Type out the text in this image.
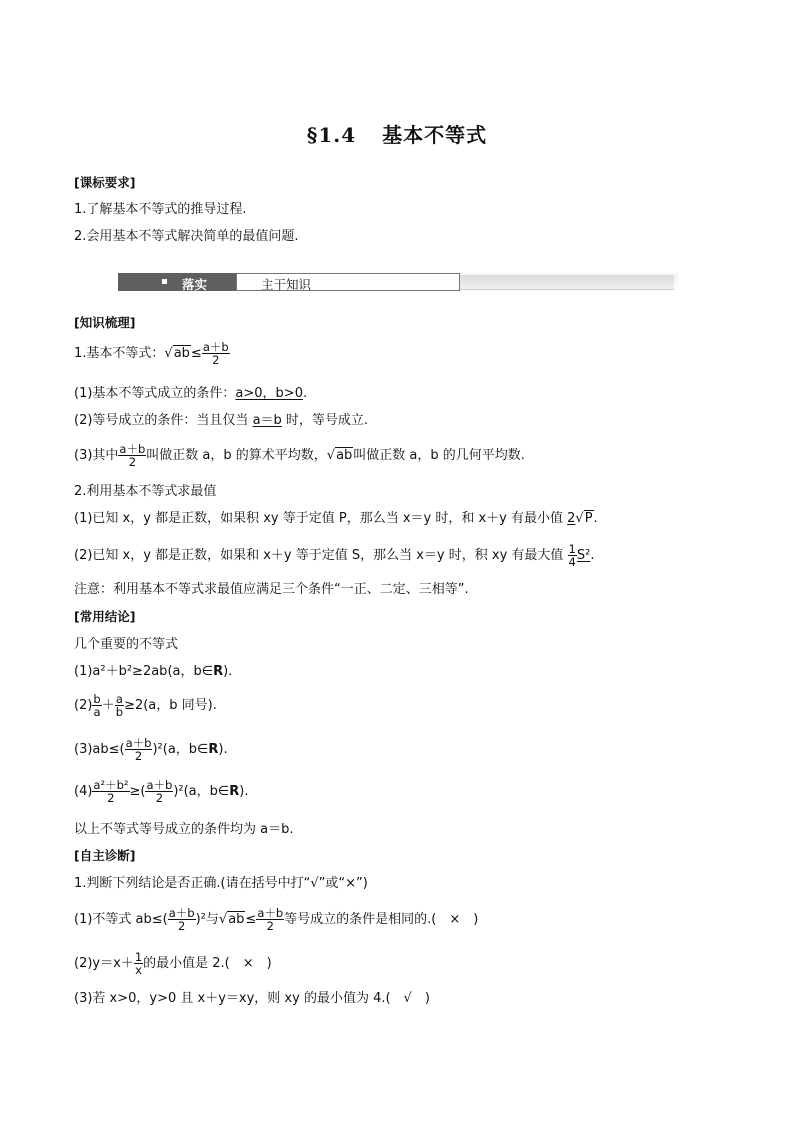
§1.4 基本不等式
[课标要求]
1.了解基本不等式的推导过程.
2.会用基本不等式解决简单的最值问题.
落实	主干知识
[知识梳理]
1.基本不等式：$√ab\le \frac{a+b}{2}$
(1)基本不等式成立的条件：a>0，b>0.
(2)等号成立的条件：当且仅当 a＝b 时，等号成立.
(3)其中 $\frac{a+b}{2}$ 叫做正数 a，b 的算术平均数，√ab叫做正数 a，b 的几何平均数.
2.利用基本不等式求最值
(1)已知 x，y 都是正数，如果积 xy 等于定值 P，那么当 x＝y 时，和 x＋y 有最小值 2√P.
(2)已知 x，y 都是正数，如果和 x＋y 等于定值 S，那么当 x＝y 时，积 xy 有最大值 $\frac{1}{4} S^2$.
注意：利用基本不等式求最值应满足三个条件“一正、二定、三相等”.
[常用结论]
几个重要的不等式
(1)a²＋b²≥2ab(a，b∈R).
$(2) \frac{b}{a} + \frac{a}{b} \ge 2(a$，b 同号).
$(3)ab\le( \frac{a+b}{2} )^2(a$，b∈R).
$(4) \frac{\text{a²＋b²}}{2}$ ≥( $\frac{a+b}{2} )^2(a$，b∈R).
以上不等式等号成立的条件均为 a＝b.
[自主诊断]
1.判断下列结论是否正确.(请在括号中打“√”或“×”)
(1)不等式 $ab\le( \frac{a+b}{2} )^2$与$√ab\le \frac{a+b}{2}$ 等号成立的条件是相同的.(　×　)
$(2)y=x+ \frac{1}{x}$ 的最小值是 2.(　×　)
(3)若 x>0，y>0 且 x＋y＝xy，则 xy 的最小值为 4.(　√　)
